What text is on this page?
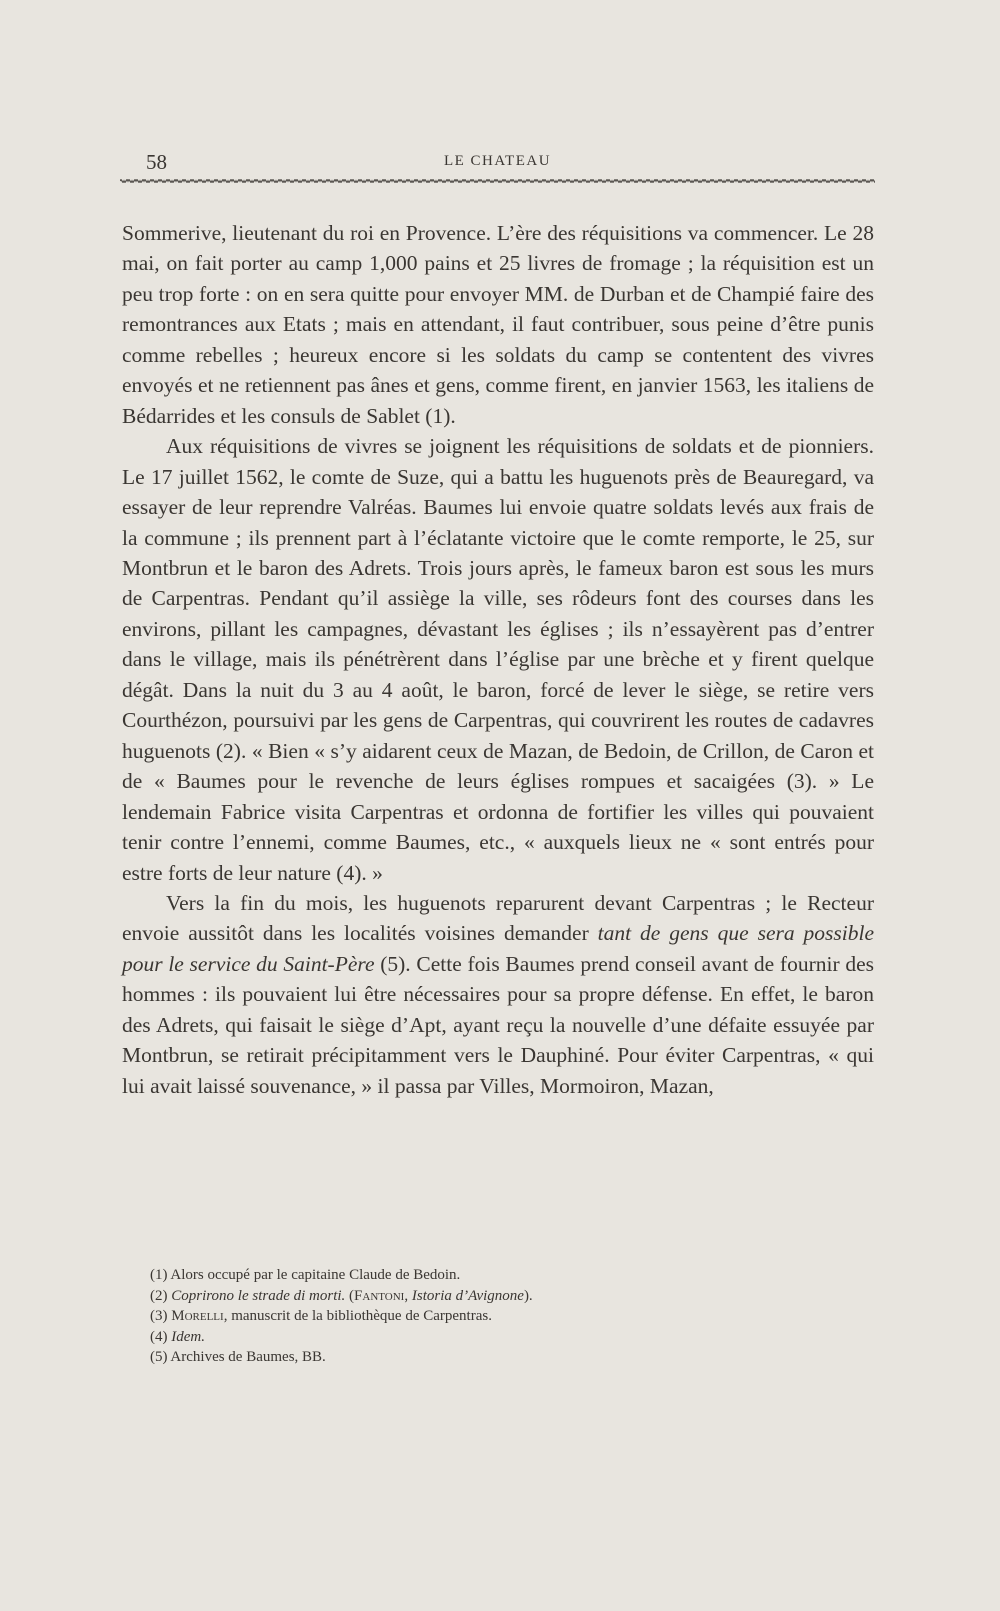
58	LE CHATEAU

Sommerive, lieutenant du roi en Provence. L’ère des réquisitions va commencer. Le 28 mai, on fait porter au camp 1,000 pains et 25 livres de fromage ; la réquisition est un peu trop forte : on en sera quitte pour envoyer MM. de Durban et de Champié faire des remontrances aux Etats ; mais en attendant, il faut contribuer, sous peine d’être punis comme rebelles ; heureux encore si les soldats du camp se contentent des vivres envoyés et ne retiennent pas ânes et gens, comme firent, en janvier 1563, les italiens de Bédarrides et les consuls de Sablet (1).

Aux réquisitions de vivres se joignent les réquisitions de soldats et de pionniers. Le 17 juillet 1562, le comte de Suze, qui a battu les huguenots près de Beauregard, va essayer de leur reprendre Valréas. Baumes lui envoie quatre soldats levés aux frais de la commune ; ils prennent part à l’éclatante victoire que le comte remporte, le 25, sur Montbrun et le baron des Adrets. Trois jours après, le fameux baron est sous les murs de Carpentras. Pendant qu’il assiège la ville, ses rôdeurs font des courses dans les environs, pillant les campagnes, dévastant les églises ; ils n’essayèrent pas d’entrer dans le village, mais ils pénétrèrent dans l’église par une brèche et y firent quelque dégât. Dans la nuit du 3 au 4 août, le baron, forcé de lever le siège, se retire vers Courthézon, poursuivi par les gens de Carpentras, qui couvrirent les routes de cadavres huguenots (2). « Bien « s’y aidarent ceux de Mazan, de Bedoin, de Crillon, de Caron et de « Baumes pour le revenche de leurs églises rompues et sacaigées (3). » Le lendemain Fabrice visita Carpentras et ordonna de fortifier les villes qui pouvaient tenir contre l’ennemi, comme Baumes, etc., « auxquels lieux ne « sont entrés pour estre forts de leur nature (4). »

Vers la fin du mois, les huguenots reparurent devant Carpentras ; le Recteur envoie aussitôt dans les localités voisines demander tant de gens que sera possible pour le service du Saint-Père (5). Cette fois Baumes prend conseil avant de fournir des hommes : ils pouvaient lui être nécessaires pour sa propre défense. En effet, le baron des Adrets, qui faisait le siège d’Apt, ayant reçu la nouvelle d’une défaite essuyée par Montbrun, se retirait précipitamment vers le Dauphiné. Pour éviter Carpentras, « qui lui avait laissé souvenance, » il passa par Villes, Mormoiron, Mazan,

(1) Alors occupé par le capitaine Claude de Bedoin.
(2) Coprirono le strade di morti. (Fantoni, Istoria d’Avignone).
(3) Morelli, manuscrit de la bibliothèque de Carpentras.
(4) Idem.
(5) Archives de Baumes, BB.
